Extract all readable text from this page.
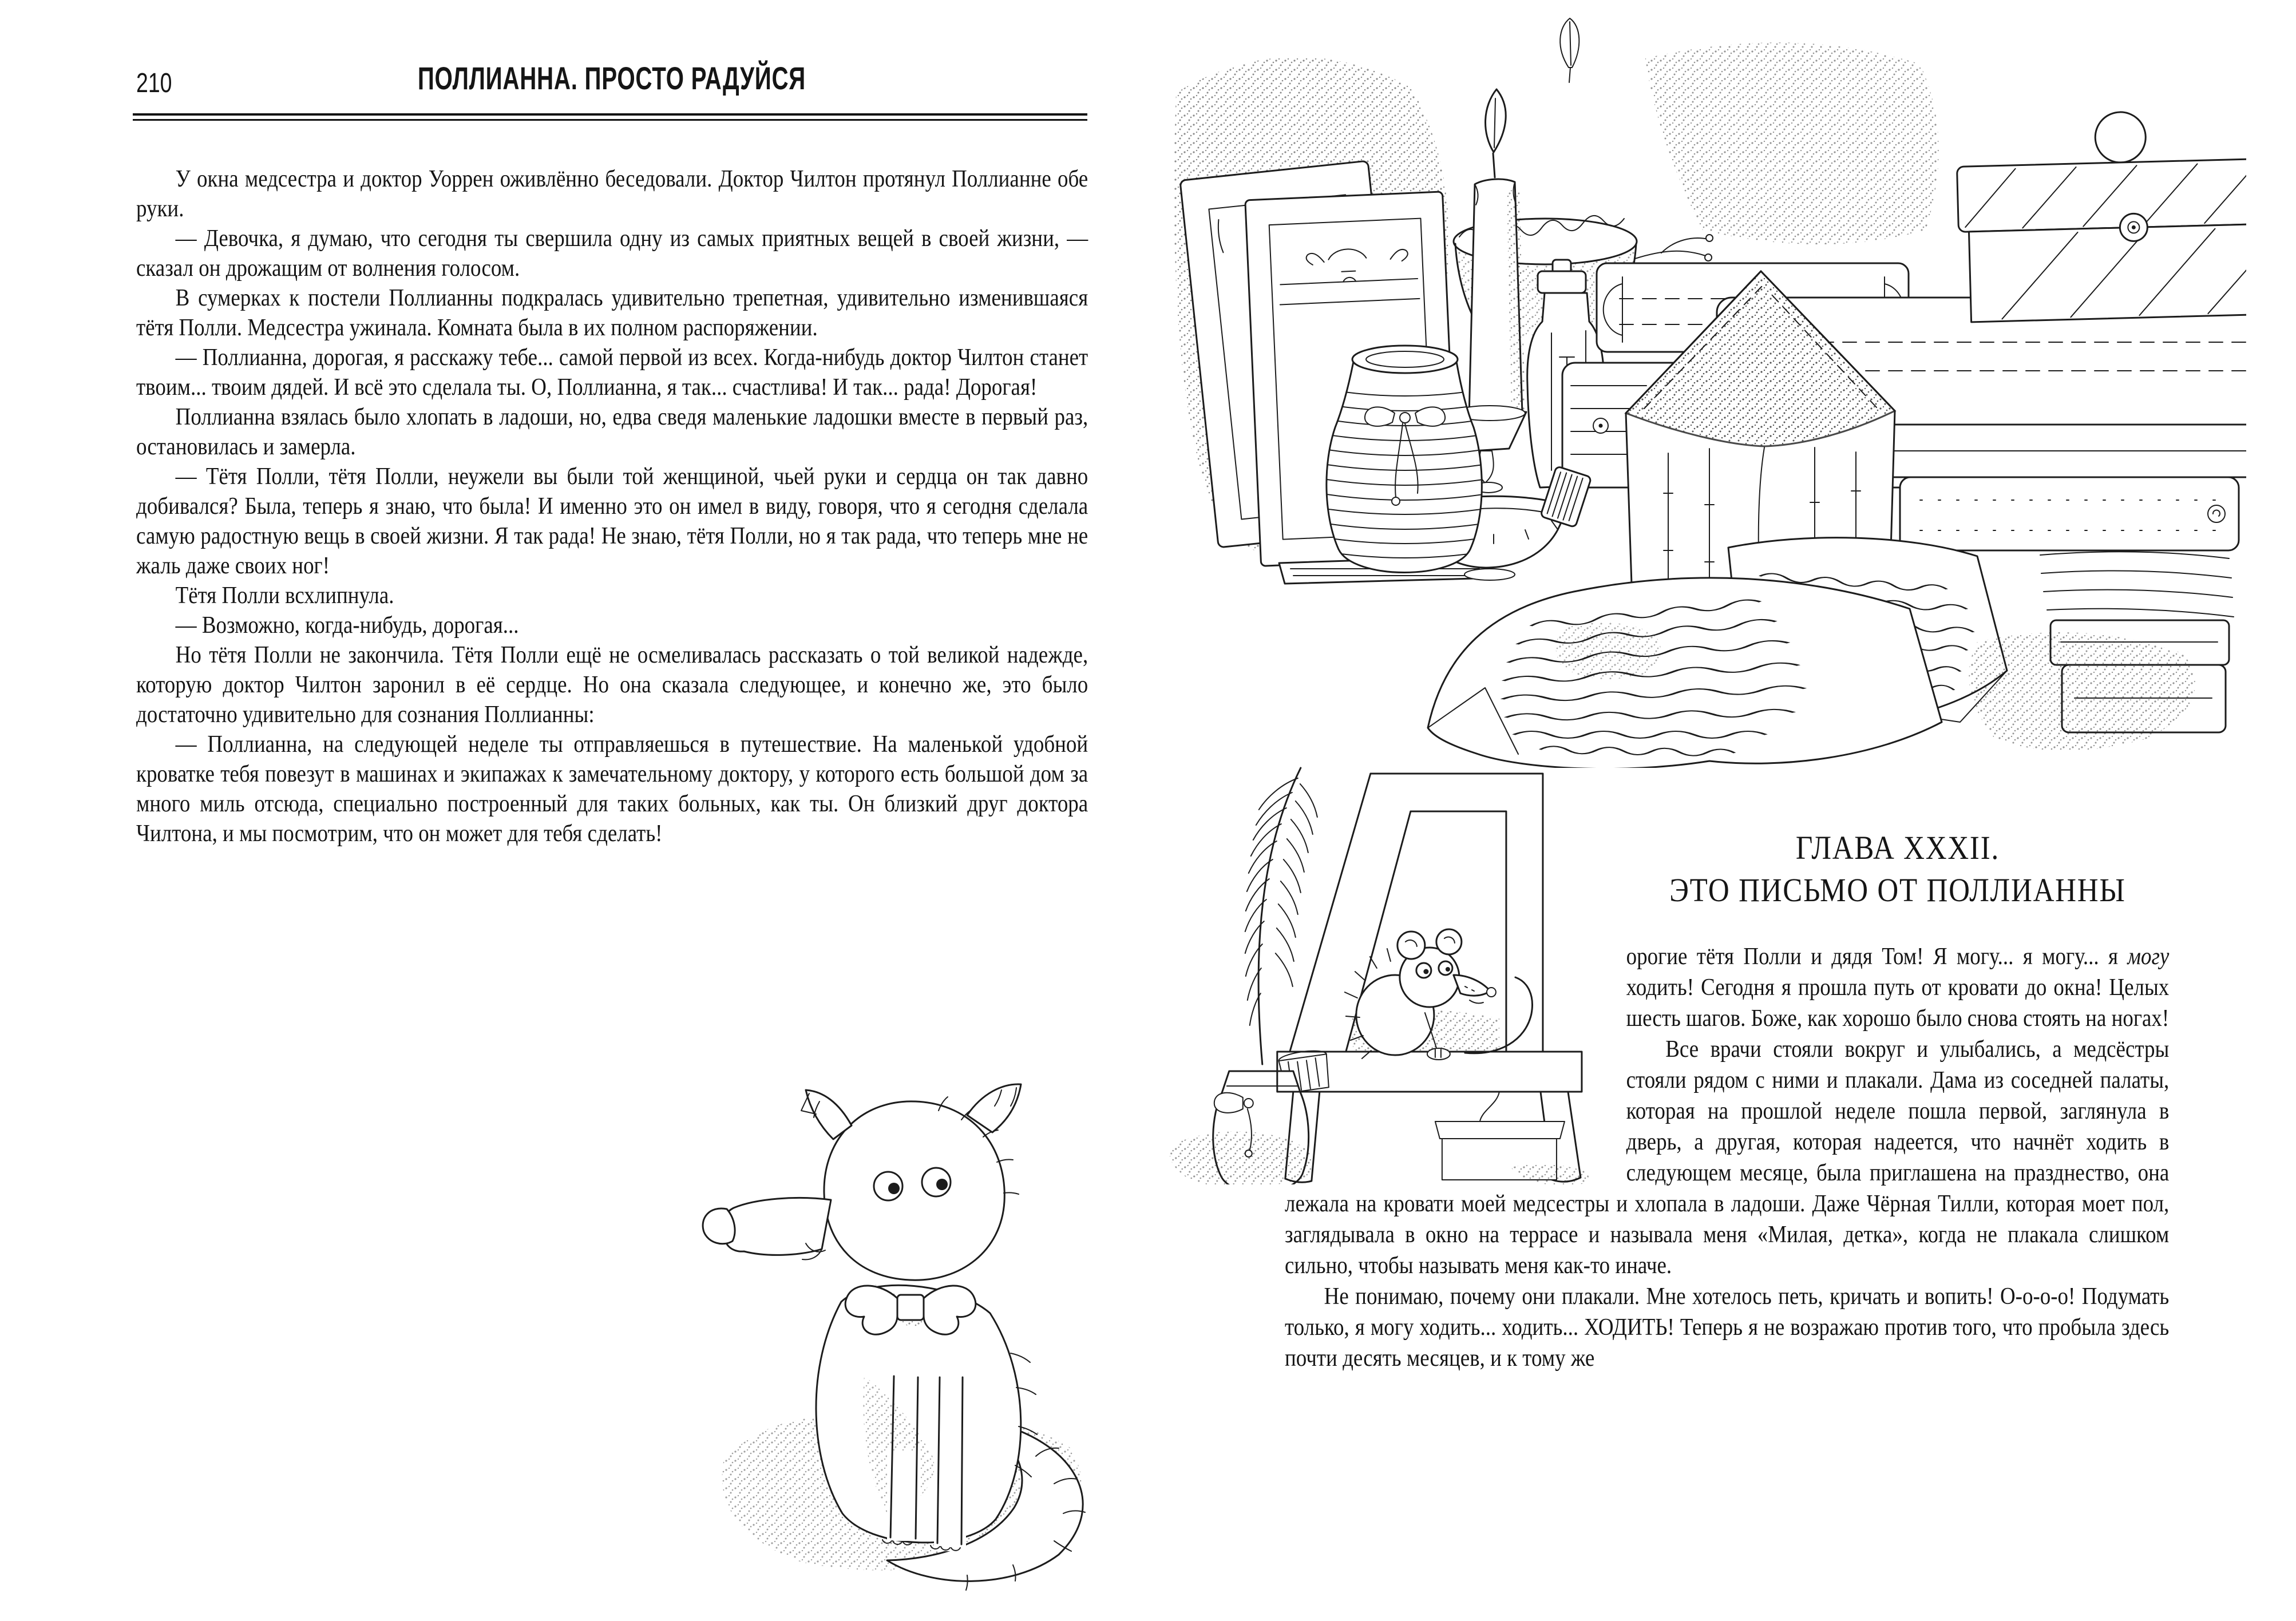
210	ПОЛЛИАННА. ПРОСТО РАДУЙСЯ

У окна медсестра и доктор Уоррен оживлённо беседовали. Доктор Чилтон протянул Поллианне обе руки.

— Девочка, я думаю, что сегодня ты свершила одну из самых приятных вещей в своей жизни, — сказал он дрожащим от волнения голосом.

В сумерках к постели Поллианны подкралась удивительно трепетная, удивительно изменившаяся тётя Полли. Медсестра ужинала. Комната была в их полном распоряжении.

— Поллианна, дорогая, я расскажу тебе... самой первой из всех. Когда-нибудь доктор Чилтон станет твоим... твоим дядей. И всё это сделала ты. О, Поллианна, я так... счастлива! И так... рада! Дорогая!

Поллианна взялась было хлопать в ладоши, но, едва сведя маленькие ладошки вместе в первый раз, остановилась и замерла.

— Тётя Полли, тётя Полли, неужели вы были той женщиной, чьей руки и сердца он так давно добивался? Была, теперь я знаю, что была! И именно это он имел в виду, говоря, что я сегодня сделала самую радостную вещь в своей жизни. Я так рада! Не знаю, тётя Полли, но я так рада, что теперь мне не жаль даже своих ног!

Тётя Полли всхлипнула.

— Возможно, когда-нибудь, дорогая...

Но тётя Полли не закончила. Тётя Полли ещё не осмеливалась рассказать о той великой надежде, которую доктор Чилтон заронил в её сердце. Но она сказала следующее, и конечно же, это было достаточно удивительно для сознания Поллианны:

— Поллианна, на следующей неделе ты отправляешься в путешествие. На маленькой удобной кроватке тебя повезут в машинах и экипажах к замечательному доктору, у которого есть большой дом за много миль отсюда, специально построенный для таких больных, как ты. Он близкий друг доктора Чилтона, и мы посмотрим, что он может для тебя сделать!	ГЛАВА XXXII.
ЭТО ПИСЬМО ОТ ПОЛЛИАННЫ

орогие тётя Полли и дядя Том! Я могу... я могу... я могу ходить! Сегодня я прошла путь от кровати до окна! Целых шесть шагов. Боже, как хорошо было снова стоять на ногах!

Все врачи стояли вокруг и улыбались, а медсёстры стояли рядом с ними и плакали. Дама из соседней палаты, которая на прошлой неделе пошла первой, заглянула в дверь, а другая, которая надеется, что начнёт ходить в следующем месяце, была приглашена на празднество, она лежала на кровати моей медсестры и хлопала в ладоши. Даже Чёрная Тилли, которая моет пол, заглядывала в окно на террасе и называла меня «Милая, детка», когда не плакала слишком сильно, чтобы называть меня как-то иначе.

Не понимаю, почему они плакали. Мне хотелось петь, кричать и вопить! О-о-о-о! Подумать только, я могу ходить... ходить... ХОДИТЬ! Теперь я не возражаю против того, что пробыла здесь почти десять месяцев, и к тому же
